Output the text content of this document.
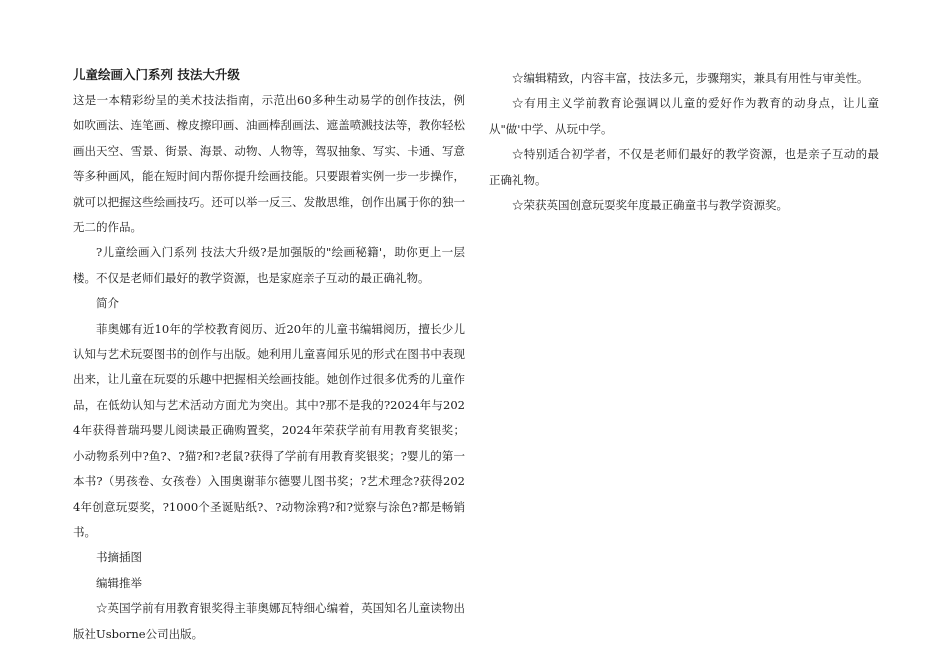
儿童绘画入门系列 技法大升级

这是一本精彩纷呈的美术技法指南，示范出60多种生动易学的创作技法，例如吹画法、连笔画、橡皮擦印画、油画棒刮画法、遮盖喷溅技法等，教你轻松画出天空、雪景、街景、海景、动物、人物等，驾驭抽象、写实、卡通、写意等多种画风，能在短时间内帮你提升绘画技能。只要跟着实例一步一步操作，就可以把握这些绘画技巧。还可以举一反三、发散思维，创作出属于你的独一无二的作品。

?儿童绘画入门系列 技法大升级?是加强版的"绘画秘籍'，助你更上一层楼。不仅是老师们最好的教学资源，也是家庭亲子互动的最正确礼物。

简介

菲奥娜有近10年的学校教育阅历、近20年的儿童书编辑阅历，擅长少儿认知与艺术玩耍图书的创作与出版。她利用儿童喜闻乐见的形式在图书中表现出来，让儿童在玩耍的乐趣中把握相关绘画技能。她创作过很多优秀的儿童作品，在低幼认知与艺术活动方面尤为突出。其中?那不是我的?2024年与2024年获得普瑞玛婴儿阅读最正确购置奖，2024年荣获学前有用教育奖银奖；小动物系列中?鱼?、?猫?和?老鼠?获得了学前有用教育奖银奖；?婴儿的第一本书?（男孩卷、女孩卷）入围奥谢菲尔德婴儿图书奖；?艺术理念?获得2024年创意玩耍奖，?1000个圣诞贴纸?、?动物涂鸦?和?觉察与涂色?都是畅销书。

书摘插图

编辑推举

☆英国学前有用教育银奖得主菲奥娜瓦特细心编着，英国知名儿童读物出版社Usborne公司出版。

☆编辑精致，内容丰富，技法多元，步骤翔实，兼具有用性与审美性。

☆有用主义学前教育论强调以儿童的爱好作为教育的动身点，让儿童从"做'中学、从玩中学。

☆特别适合初学者，不仅是老师们最好的教学资源，也是亲子互动的最正确礼物。

☆荣获英国创意玩耍奖年度最正确童书与教学资源奖。
